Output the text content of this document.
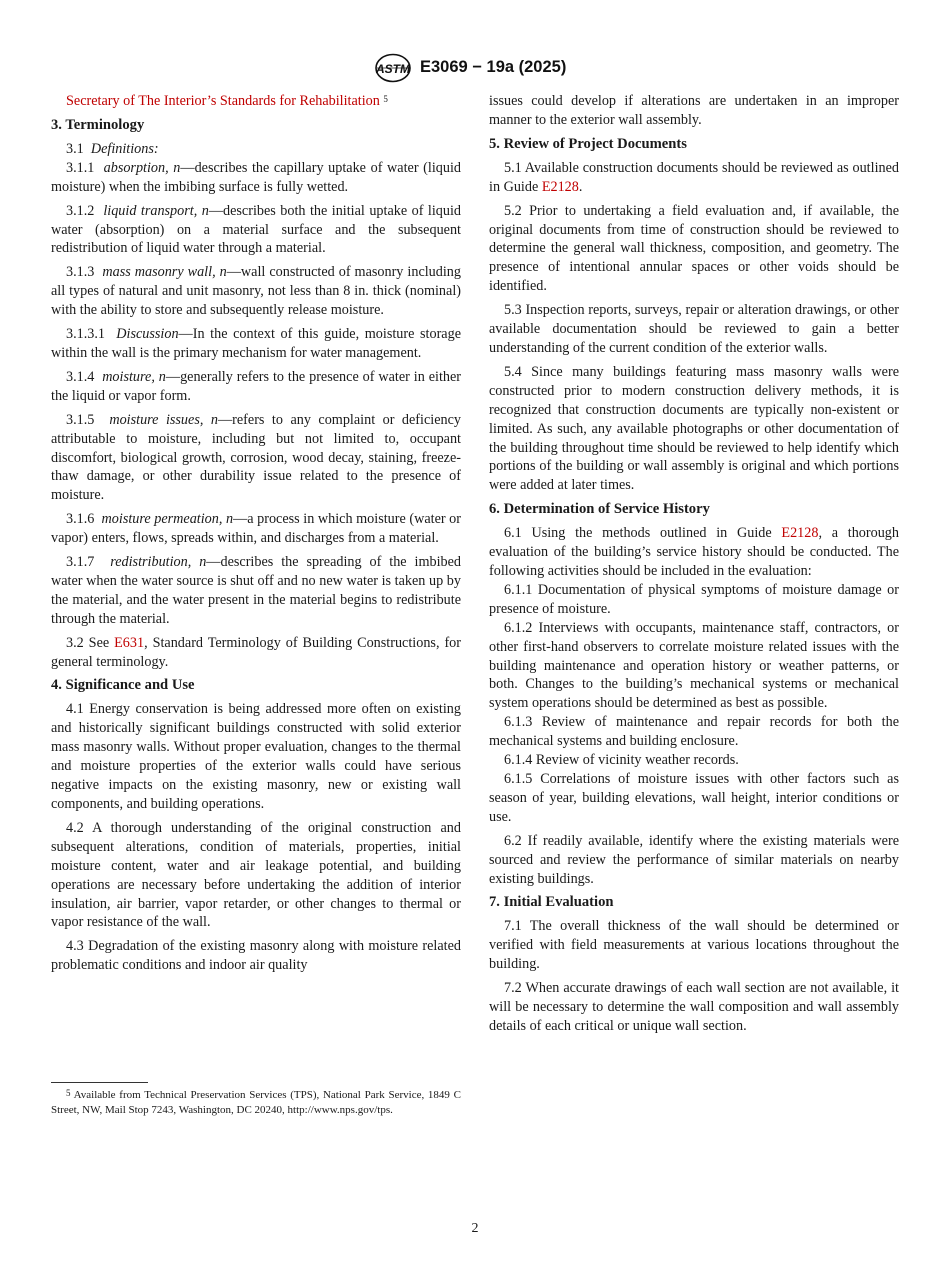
ASTM E3069 − 19a (2025)

Secretary of The Interior’s Standards for Rehabilitation $^5$

3. Terminology

3.1 Definitions:

3.1.1 absorption, n—describes the capillary uptake of water (liquid moisture) when the imbibing surface is fully wetted.

3.1.2 liquid transport, n—describes both the initial uptake of liquid water (absorption) on a material surface and the subsequent redistribution of liquid water through a material.

3.1.3 mass masonry wall, n—wall constructed of masonry including all types of natural and unit masonry, not less than 8 in. thick (nominal) with the ability to store and subsequently release moisture.

3.1.3.1 Discussion—In the context of this guide, moisture storage within the wall is the primary mechanism for water management.

3.1.4 moisture, n—generally refers to the presence of water in either the liquid or vapor form.

3.1.5 moisture issues, n—refers to any complaint or deficiency attributable to moisture, including but not limited to, occupant discomfort, biological growth, corrosion, wood decay, staining, freeze-thaw damage, or other durability issue related to the presence of moisture.

3.1.6 moisture permeation, n—a process in which moisture (water or vapor) enters, flows, spreads within, and discharges from a material.

3.1.7 redistribution, n—describes the spreading of the imbibed water when the water source is shut off and no new water is taken up by the material, and the water present in the material begins to redistribute through the material.

3.2 See E631, Standard Terminology of Building Constructions, for general terminology.

4. Significance and Use

4.1 Energy conservation is being addressed more often on existing and historically significant buildings constructed with solid exterior mass masonry walls. Without proper evaluation, changes to the thermal and moisture properties of the exterior walls could have serious negative impacts on the existing masonry, new or existing wall components, and building operations.

4.2 A thorough understanding of the original construction and subsequent alterations, condition of materials, properties, initial moisture content, water and air leakage potential, and building operations are necessary before undertaking the addition of interior insulation, air barrier, vapor retarder, or other changes to thermal or vapor resistance of the wall.

4.3 Degradation of the existing masonry along with moisture related problematic conditions and indoor air quality

$^5$ Available from Technical Preservation Services (TPS), National Park Service, 1849 C Street, NW, Mail Stop 7243, Washington, DC 20240, http://www.nps.gov/tps.

issues could develop if alterations are undertaken in an improper manner to the exterior wall assembly.

5. Review of Project Documents

5.1 Available construction documents should be reviewed as outlined in Guide E2128.

5.2 Prior to undertaking a field evaluation and, if available, the original documents from time of construction should be reviewed to determine the general wall thickness, composition, and geometry. The presence of intentional annular spaces or other voids should be identified.

5.3 Inspection reports, surveys, repair or alteration drawings, or other available documentation should be reviewed to gain a better understanding of the current condition of the exterior walls.

5.4 Since many buildings featuring mass masonry walls were constructed prior to modern construction delivery methods, it is recognized that construction documents are typically non-existent or limited. As such, any available photographs or other documentation of the building throughout time should be reviewed to help identify which portions of the building or wall assembly is original and which portions were added at later times.

6. Determination of Service History

6.1 Using the methods outlined in Guide E2128, a thorough evaluation of the building’s service history should be conducted. The following activities should be included in the evaluation:

6.1.1 Documentation of physical symptoms of moisture damage or presence of moisture.

6.1.2 Interviews with occupants, maintenance staff, contractors, or other first-hand observers to correlate moisture related issues with the building maintenance and operation history or weather patterns, or both. Changes to the building’s mechanical systems or mechanical system operations should be determined as best as possible.

6.1.3 Review of maintenance and repair records for both the mechanical systems and building enclosure.

6.1.4 Review of vicinity weather records.

6.1.5 Correlations of moisture issues with other factors such as season of year, building elevations, wall height, interior conditions or use.

6.2 If readily available, identify where the existing materials were sourced and review the performance of similar materials on nearby existing buildings.

7. Initial Evaluation

7.1 The overall thickness of the wall should be determined or verified with field measurements at various locations throughout the building.

7.2 When accurate drawings of each wall section are not available, it will be necessary to determine the wall composition and wall assembly details of each critical or unique wall section.

2
